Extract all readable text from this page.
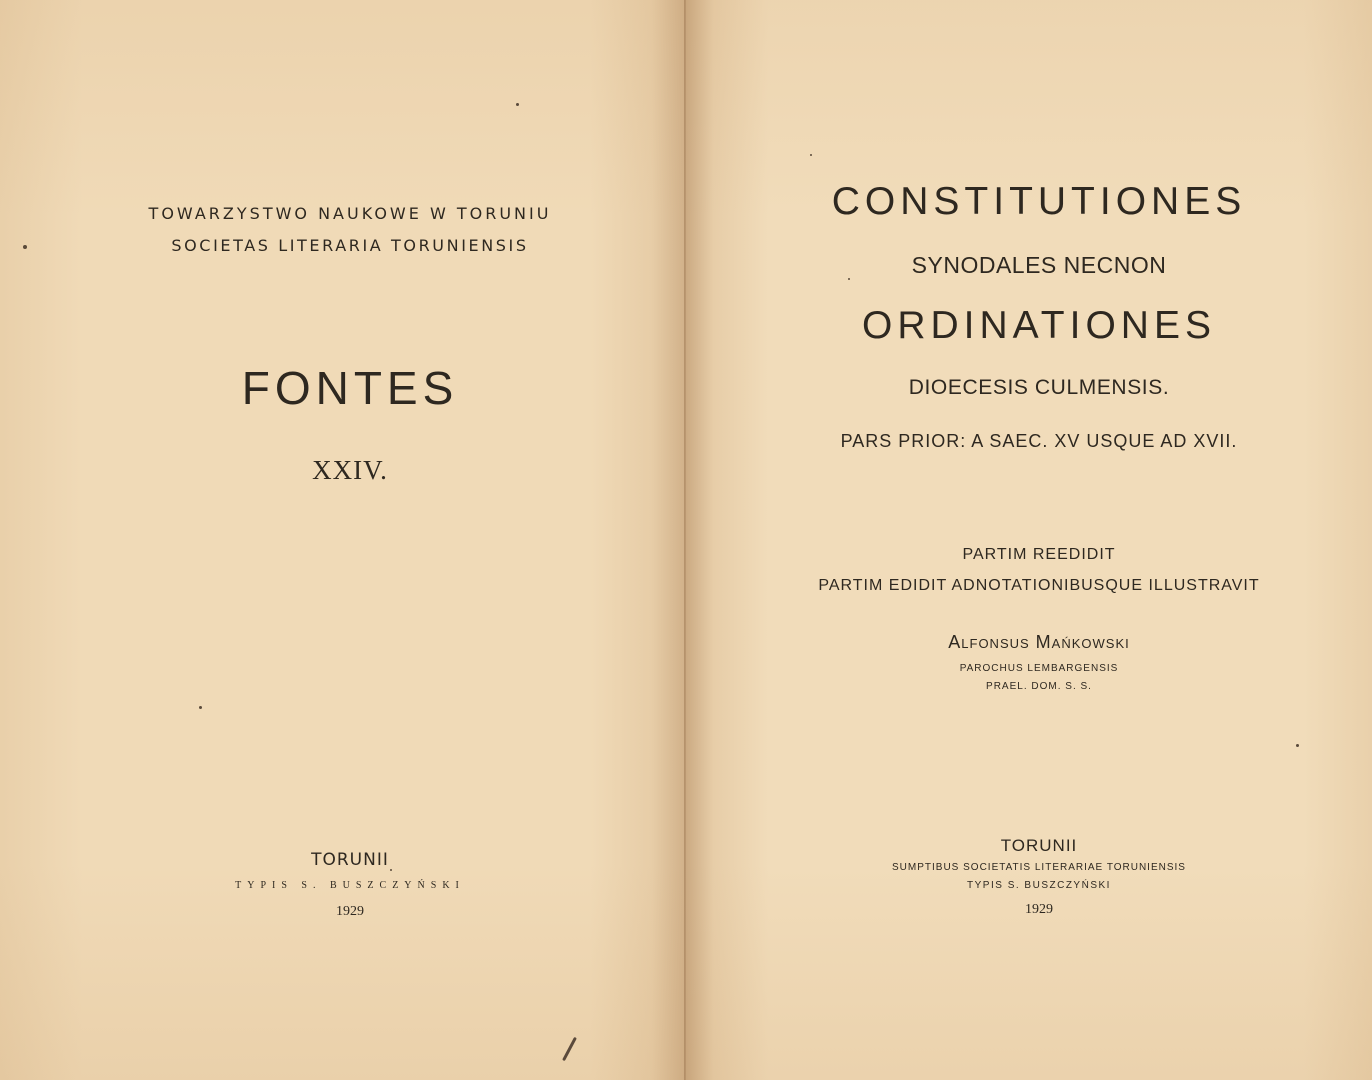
TOWARZYSTWO NAUKOWE W TORUNIU
SOCIETAS LITERARIA TORUNIENSIS
FONTES
XXIV.
TORUNII
TYPIS S. BUSZCZYŃSKI
1929
CONSTITUTIONES
SYNODALES NECNON
ORDINATIONES
DIOECESIS CULMENSIS.
PARS PRIOR: A SAEC. XV USQUE AD XVII.
PARTIM REEDIDIT
PARTIM EDIDIT ADNOTATIONIBUSQUE ILLUSTRAVIT
Alfonsus Mańkowski
PAROCHUS LEMBARGENSIS
PRAEL. DOM. S. S.
TORUNII
SUMPTIBUS SOCIETATIS LITERARIAE TORUNIENSIS
TYPIS S. BUSZCZYŃSKI
1929
